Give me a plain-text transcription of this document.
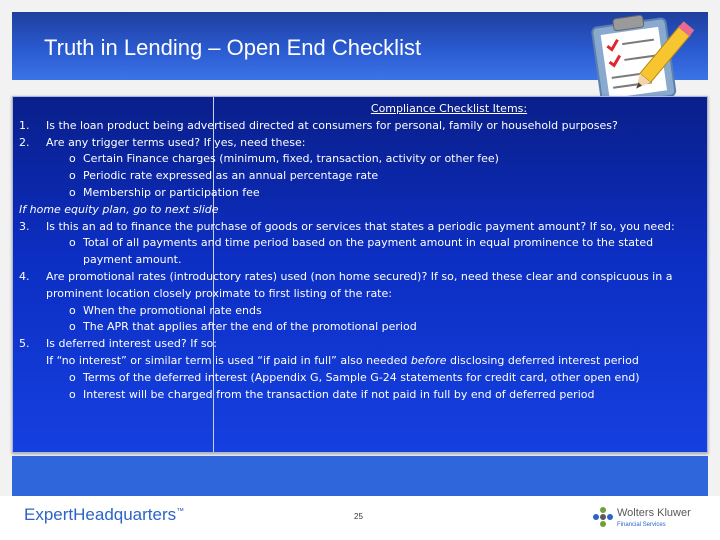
Truth in Lending – Open End Checklist
Compliance Checklist Items:
1. Is the loan product being advertised directed at consumers for personal, family or household purposes?
2. Are any trigger terms used? If yes, need these:
o Certain Finance charges (minimum, fixed, transaction, activity or other fee)
o Periodic rate expressed as an annual percentage rate
o Membership or participation fee
If home equity plan, go to next slide
3. Is this an ad to finance the purchase of goods or services that states a periodic payment amount? If so, you need:
o Total of all payments and time period based on the payment amount in equal prominence to the stated payment amount.
4. Are promotional rates (introductory rates) used (non home secured)? If so, need these clear and conspicuous in a prominent location closely proximate to first listing of the rate:
o When the promotional rate ends
o The APR that applies after the end of the promotional period
5. Is deferred interest used? If so:
If “no interest” or similar term is used “if paid in full” also needed before disclosing deferred interest period
o Terms of the deferred interest (Appendix G, Sample G-24 statements for credit card, other open end)
o Interest will be charged from the transaction date if not paid in full by end of deferred period
ExpertHeadquarters™
25	Wolters Kluwer
Financial Services
